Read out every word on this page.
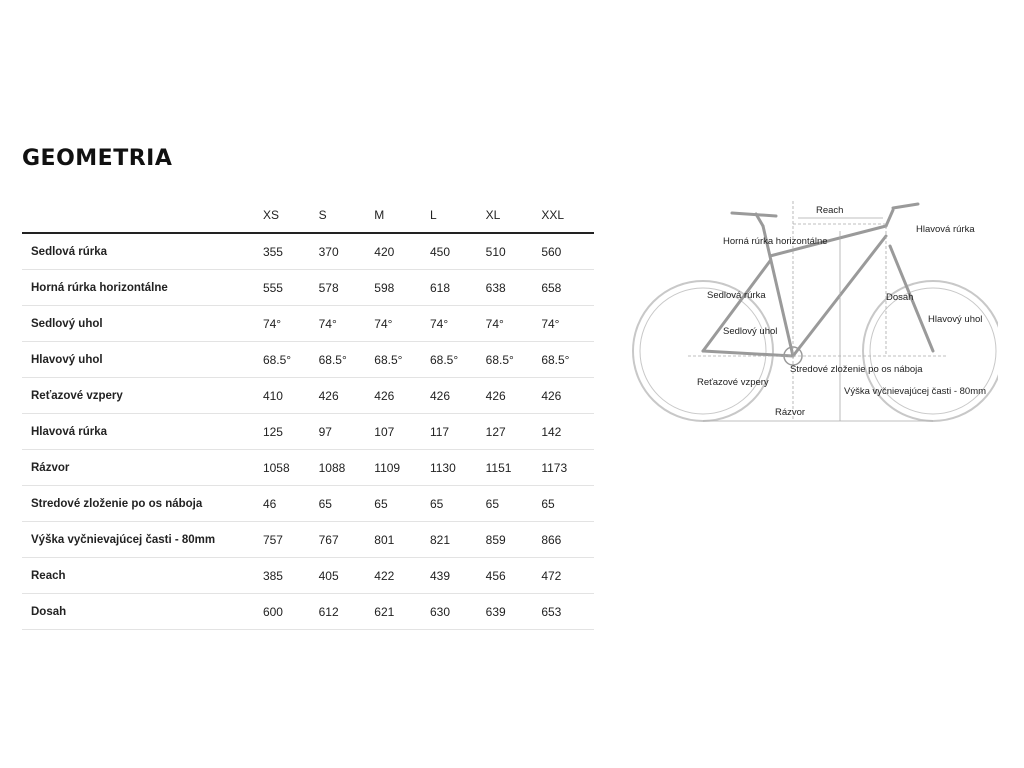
GEOMETRIA
	XS	S	M	L	XL	XXL
Sedlová rúrka	355	370	420	450	510	560
Horná rúrka horizontálne	555	578	598	618	638	658
Sedlový uhol	74°	74°	74°	74°	74°	74°
Hlavový uhol	68.5°	68.5°	68.5°	68.5°	68.5°	68.5°
Reťazové vzpery	410	426	426	426	426	426
Hlavová rúrka	125	97	107	117	127	142
Rázvor	1058	1088	1109	1130	1151	1173
Stredové zloženie po os náboja	46	65	65	65	65	65
Výška vyčnievajúcej časti - 80mm	757	767	801	821	859	866
Reach	385	405	422	439	456	472
Dosah	600	612	621	630	639	653
Reach
Hlavová rúrka
Horná rúrka horizontálne
Sedlová rúrka	Dosah
Sedlový uhol
Hlavový uhol
Stredové zloženie po os náboja
Reťazové vzpery
Výška vyčnievajúcej časti - 80mm
Rázvor
